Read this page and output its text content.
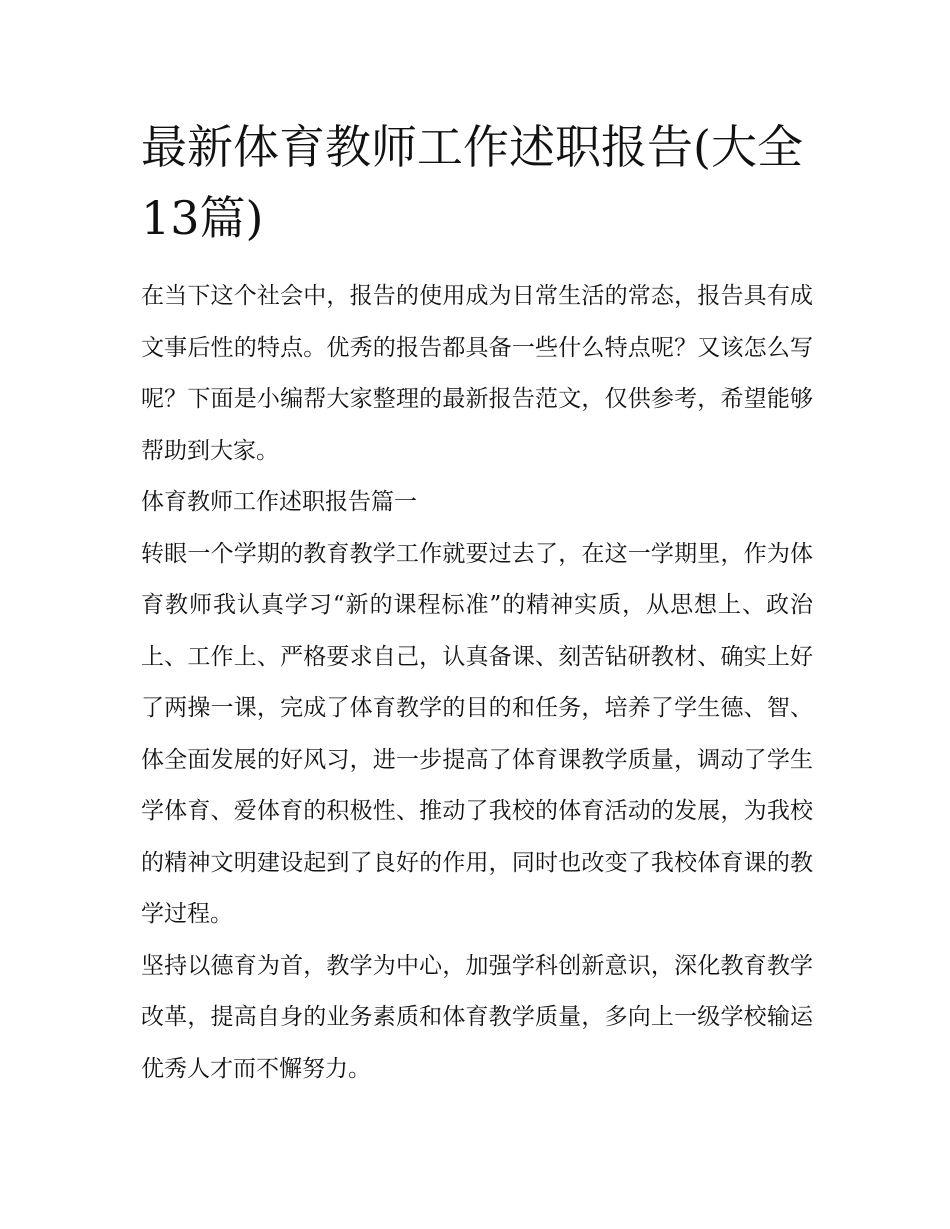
最新体育教师工作述职报告(大全13篇)

在当下这个社会中，报告的使用成为日常生活的常态，报告具有成文事后性的特点。优秀的报告都具备一些什么特点呢？又该怎么写呢？下面是小编帮大家整理的最新报告范文，仅供参考，希望能够帮助到大家。

体育教师工作述职报告篇一

转眼一个学期的教育教学工作就要过去了，在这一学期里，作为体育教师我认真学习“新的课程标准”的精神实质，从思想上、政治上、工作上、严格要求自己，认真备课、刻苦钻研教材、确实上好了两操一课，完成了体育教学的目的和任务，培养了学生德、智、体全面发展的好风习，进一步提高了体育课教学质量，调动了学生学体育、爱体育的积极性、推动了我校的体育活动的发展，为我校的精神文明建设起到了良好的作用，同时也改变了我校体育课的教学过程。

坚持以德育为首，教学为中心，加强学科创新意识，深化教育教学改革，提高自身的业务素质和体育教学质量，多向上一级学校输运优秀人才而不懈努力。
